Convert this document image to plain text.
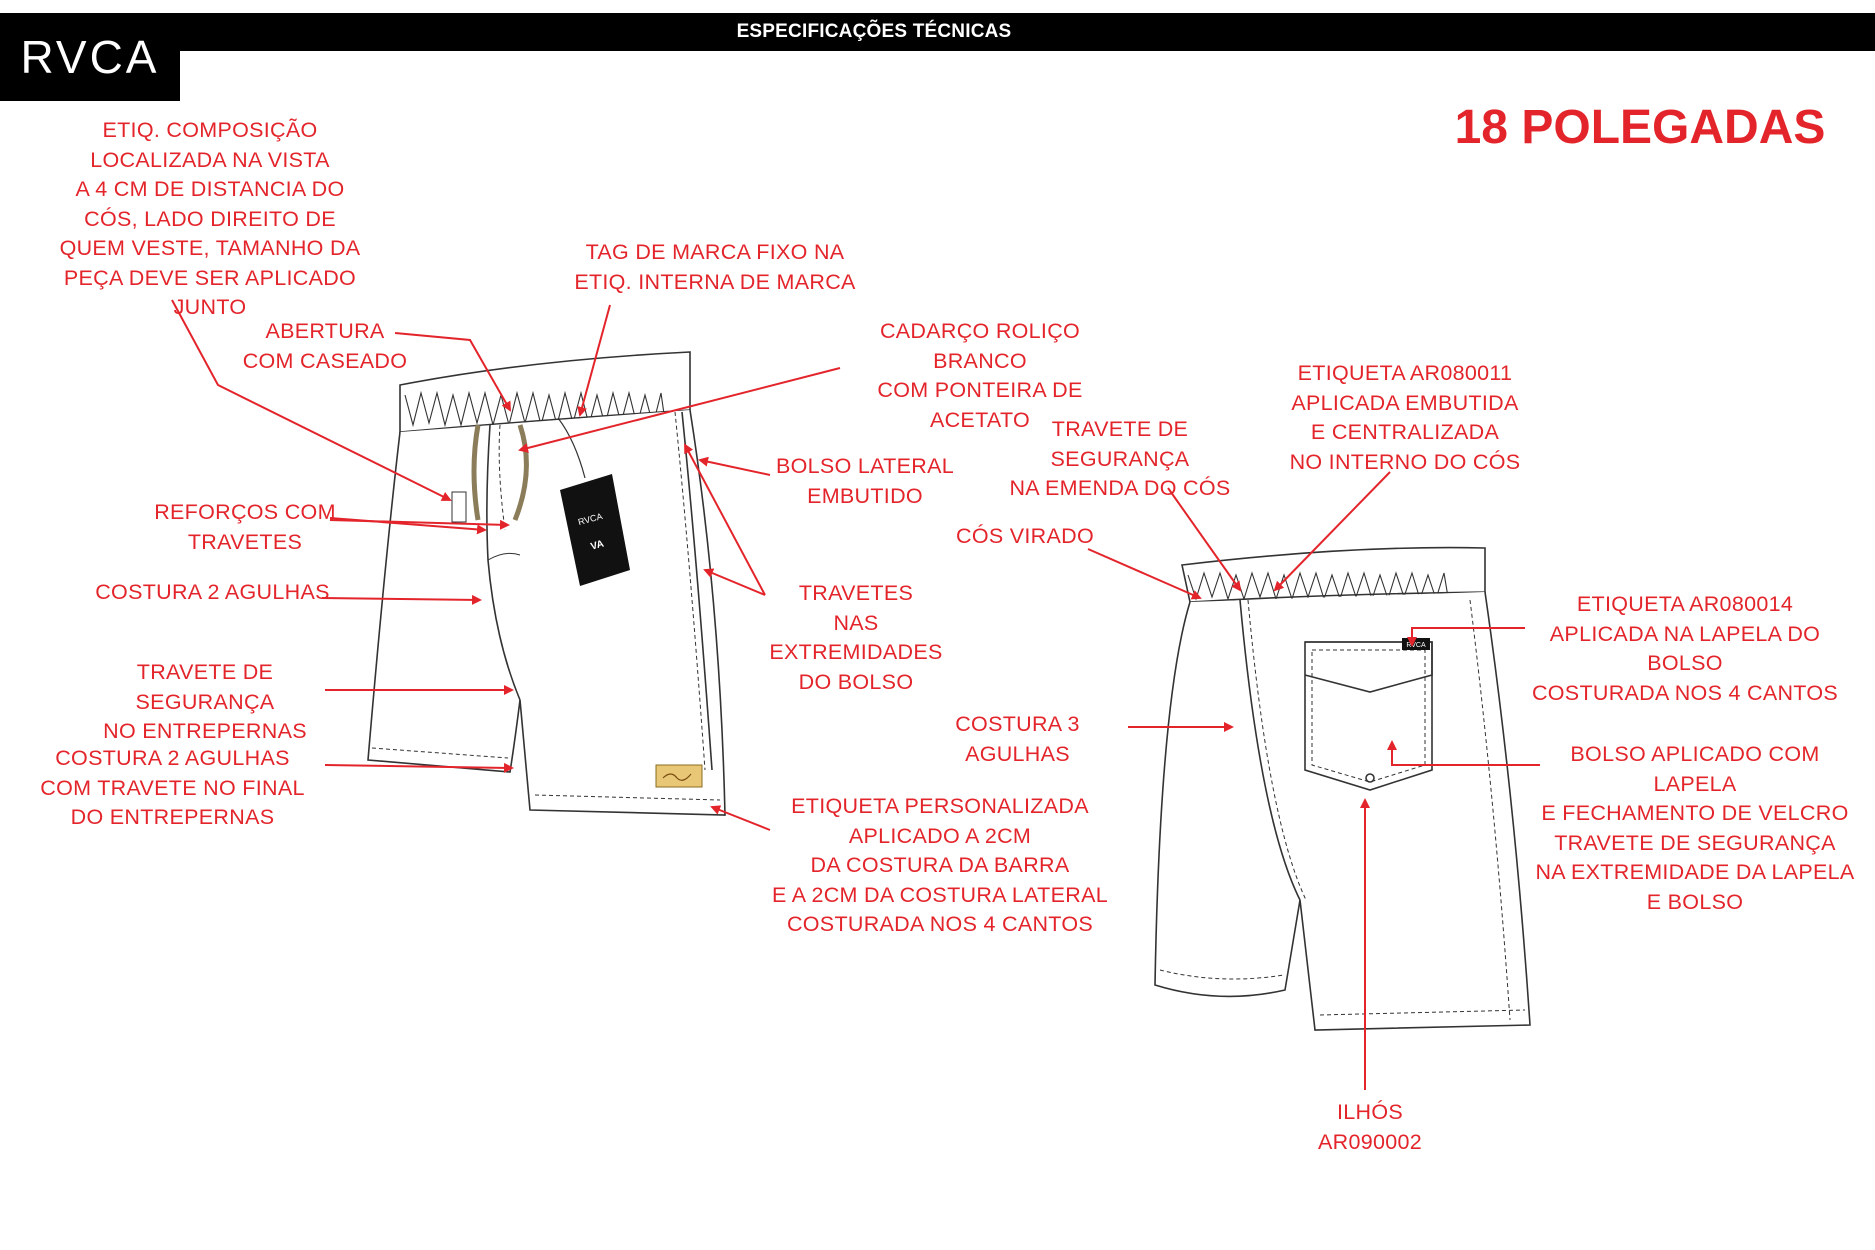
ESPECIFICAÇÕES TÉCNICAS
RVCA
18 POLEGADAS
RVCA
VA
RVCA
ETIQ. COMPOSIÇÃO
LOCALIZADA NA VISTA
A 4 CM DE DISTANCIA DO
CÓS, LADO DIREITO DE
QUEM VESTE, TAMANHO DA
PEÇA DEVE SER APLICADO JUNTO
TAG DE MARCA FIXO NA
ETIQ. INTERNA DE MARCA
ABERTURA
COM CASEADO
CADARÇO ROLIÇO BRANCO
COM PONTEIRA DE ACETATO
BOLSO LATERAL
EMBUTIDO
REFORÇOS COM
TRAVETES
COSTURA 2 AGULHAS	TRAVETES
NAS EXTREMIDADES
DO BOLSO
TRAVETE DE SEGURANÇA
NO ENTREPERNAS
COSTURA 2 AGULHAS
COM TRAVETE NO FINAL
DO ENTREPERNAS	ETIQUETA PERSONALIZADA
APLICADO A 2CM
DA COSTURA DA BARRA
E A 2CM DA COSTURA LATERAL
COSTURADA NOS 4 CANTOS
TRAVETE DE SEGURANÇA
NA EMENDA DO CÓS
ETIQUETA AR080011
APLICADA EMBUTIDA
E CENTRALIZADA
NO INTERNO DO CÓS
CÓS VIRADO
ETIQUETA AR080014
APLICADA NA LAPELA DO BOLSO
COSTURADA NOS 4 CANTOS
COSTURA 3 AGULHAS	BOLSO APLICADO COM LAPELA
E FECHAMENTO DE VELCRO
TRAVETE DE SEGURANÇA
NA EXTREMIDADE DA LAPELA
E BOLSO
ILHÓS AR090002
